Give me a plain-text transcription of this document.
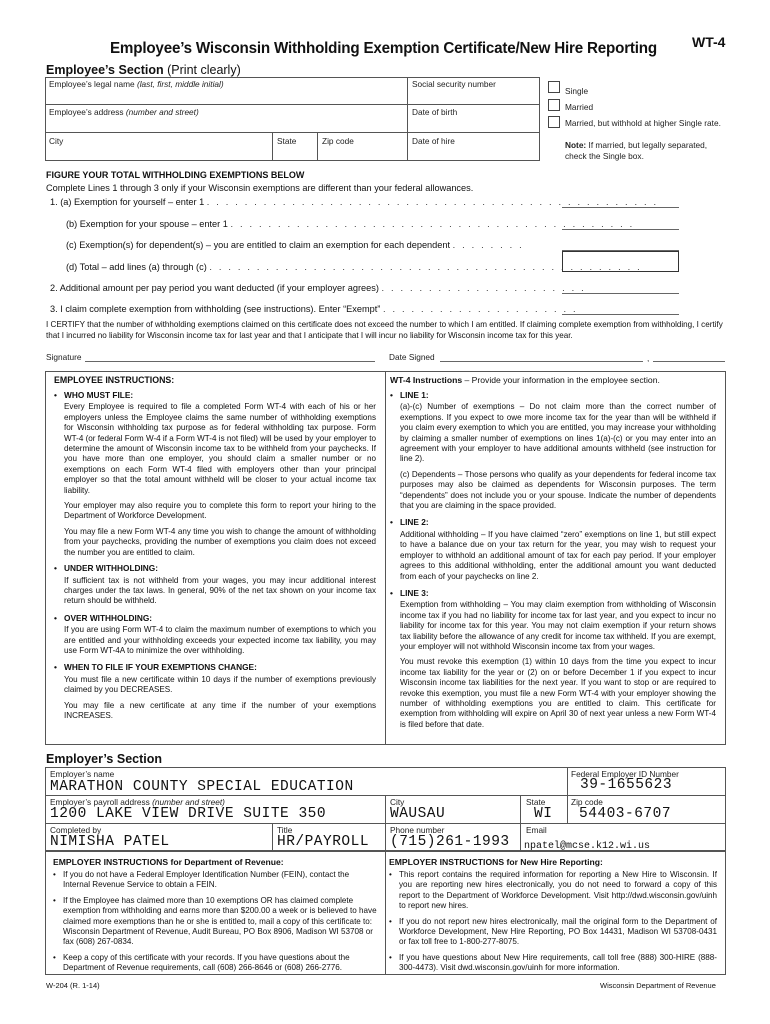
Employee’s Wisconsin Withholding Exemption Certificate/New Hire Reporting	WT-4
Employee’s Section (Print clearly)
Employee’s legal name (last, first, middle initial)	Social security number
Employee’s address (number and street)	Date of birth
City	State	Zip code	Date of hire
Single
Married
Married, but withhold at higher Single rate.
Note: If married, but legally separated, check the Single box.
FIGURE YOUR TOTAL WITHHOLDING EXEMPTIONS BELOW
Complete Lines 1 through 3 only if your Wisconsin exemptions are different than your federal allowances.
1. (a) Exemption for yourself – enter 1 . . . . . . . . . . . . . . . . . . . . . . . . . . . . . . . . . . . . . . . . . . . . . . . .
(b) Exemption for your spouse – enter 1 . . . . . . . . . . . . . . . . . . . . . . . . . . . . . . . . . . . . . . . . . . .
(c) Exemption(s) for dependent(s) – you are entitled to claim an exemption for each dependent . . . . . . . .
(d) Total – add lines (a) through (c) . . . . . . . . . . . . . . . . . . . . . . . . . . . . . . . . . . . . . . . . . . . . . .
2. Additional amount per pay period you want deducted (if your employer agrees) . . . . . . . . . . . . . . . . . . . . . .
3. I claim complete exemption from withholding (see instructions). Enter “Exempt” . . . . . . . . . . . . . . . . . . . . .
I CERTIFY that the number of withholding exemptions claimed on this certificate does not exceed the number to which I am entitled. If claiming complete exemption from withholding, I certify that I incurred no liability for Wisconsin income tax for last year and that I anticipate that I will incur no liability for Wisconsin income tax for this year.
Signature	Date Signed	,
EMPLOYEE INSTRUCTIONS:
• WHO MUST FILE:

Every Employee is required to file a completed Form WT-4 with each of his or her employers unless the Employee claims the same number of withholding exemptions for Wisconsin withholding tax purpose as for federal withholding tax purpose. Form WT-4 (or federal Form W-4 if a Form WT-4 is not filed) will be used by your employer to determine the amount of Wisconsin income tax to be withheld from your paychecks. If you have more than one employer, you should claim a smaller number or no exemptions on each Form WT-4 filed with employers other than your principal employer so that the total amount withheld will be closer to your actual income tax liability.

Your employer may also require you to complete this form to report your hiring to the Department of Workforce Development.

You may file a new Form WT-4 any time you wish to change the amount of withholding from your paychecks, providing the number of exemptions you claim does not exceed the number you are entitled to claim.

• UNDER WITHHOLDING:

If sufficient tax is not withheld from your wages, you may incur additional interest charges under the tax laws. In general, 90% of the net tax shown on your income tax return should be withheld.

• OVER WITHHOLDING:

If you are using Form WT-4 to claim the maximum number of exemptions to which you are entitled and your withholding exceeds your expected income tax liability, you may use Form WT-4A to minimize the over withholding.

• WHEN TO FILE IF YOUR EXEMPTIONS CHANGE:

You must file a new certificate within 10 days if the number of exemptions previously claimed by you DECREASES.

You may file a new certificate at any time if the number of your exemptions INCREASES.

WT-4 Instructions – Provide your information in the employee section.
• LINE 1:

(a)-(c) Number of exemptions – Do not claim more than the correct number of exemptions. If you expect to owe more income tax for the year than will be withheld if you claim every exemption to which you are entitled, you may increase your withholding by claiming a smaller number of exemptions on lines 1(a)-(c) or you may enter into an agreement with your employer to have additional amounts withheld (see instruction for line 2).

(c) Dependents – Those persons who qualify as your dependents for federal income tax purposes may also be claimed as dependents for Wisconsin purposes. The term “dependents” does not include you or your spouse. Indicate the number of dependents that you are claiming in the space provided.

• LINE 2:

Additional withholding – If you have claimed “zero” exemptions on line 1, but still expect to have a balance due on your tax return for the year, you may wish to request your employer to withhold an additional amount of tax for each pay period. If your employer agrees to this additional withholding, enter the additional amount you want deducted from each of your paychecks on line 2.

• LINE 3:

Exemption from withholding – You may claim exemption from withholding of Wisconsin income tax if you had no liability for income tax for last year, and you expect to incur no liability for income tax for this year. You may not claim exemption if your return shows tax liability before the allowance of any credit for income tax withheld. If you are exempt, your employer will not withhold Wisconsin income tax from your wages.

You must revoke this exemption (1) within 10 days from the time you expect to incur income tax liability for the year or (2) on or before December 1 if you expect to incur Wisconsin income tax liabilities for the next year. If you want to stop or are required to revoke this exemption, you must file a new Form WT-4 with your employer showing the number of withholding exemptions you are entitled to claim. This certificate for exemption from withholding will expire on April 30 of next year unless a new Form WT-4 is filed before that date.

Employer’s Section
Employer’s name
MARATHON COUNTY SPECIAL EDUCATION
Federal Employer ID Number
39-1655623
Employer’s payroll address (number and street)
1200 LAKE VIEW DRIVE SUITE 350
City
WAUSAU
State
WI
Zip code
54403-6707
Completed by
NIMISHA PATEL
Title
HR/PAYROLL
Phone number
(715)261-1993
Email
npatel@mcse.k12.wi.us
EMPLOYER INSTRUCTIONS for Department of Revenue:

• If you do not have a Federal Employer Identification Number (FEIN), contact the Internal Revenue Service to obtain a FEIN.

• If the Employee has claimed more than 10 exemptions OR has claimed complete exemption from withholding and earns more than $200.00 a week or is believed to have claimed more exemptions than he or she is entitled to, mail a copy of this certificate to: Wisconsin Department of Revenue, Audit Bureau, PO Box 8906, Madison WI 53708 or fax (608) 267-0834.

• Keep a copy of this certificate with your records. If you have questions about the Department of Revenue requirements, call (608) 266-8646 or (608) 266-2776.

EMPLOYER INSTRUCTIONS for New Hire Reporting:

• This report contains the required information for reporting a New Hire to Wisconsin. If you are reporting new hires electronically, you do not need to forward a copy of this report to the Department of Workforce Development. Visit http://dwd.wisconsin.gov/uinh to report new hires.

• If you do not report new hires electronically, mail the original form to the Department of Workforce Development, New Hire Reporting, PO Box 14431, Madison WI 53708-0431 or fax toll free to 1-800-277-8075.

• If you have questions about New Hire requirements, call toll free (888) 300-HIRE (888-300-4473). Visit dwd.wisconsin.gov/uinh for more information.

W-204 (R. 1-14)	Wisconsin Department of Revenue
